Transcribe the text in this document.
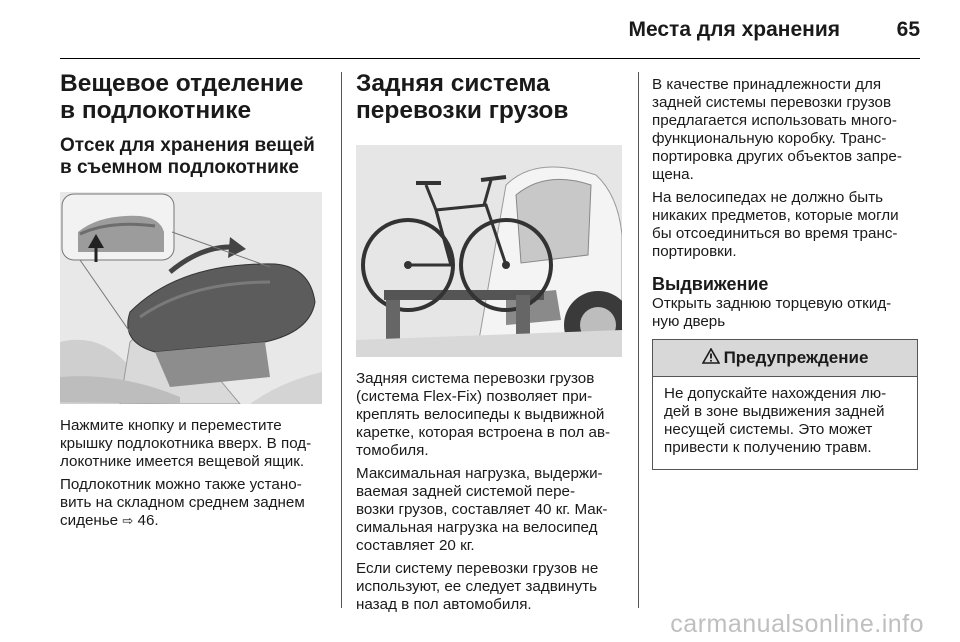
Места для хранения	65
Вещевое отделение
в подлокотнике
Отсек для хранения вещей
в съемном подлокотнике
Нажмите кнопку и переместите
крышку подлокотника вверх. В под-
локотнике имеется вещевой ящик.
Подлокотник можно также устано-
вить на складном среднем заднем
сиденье ⇨ 46.
Задняя система
перевозки грузов
Задняя система перевозки грузов
(система Flex-Fix) позволяет при-
креплять велосипеды к выдвижной
каретке, которая встроена в пол ав-
томобиля.
Максимальная нагрузка, выдержи-
ваемая задней системой пере-
возки грузов, составляет 40 кг. Мак-
симальная нагрузка на велосипед
составляет 20 кг.
Если систему перевозки грузов не
используют, ее следует задвинуть
назад в пол автомобиля.
В качестве принадлежности для
задней системы перевозки грузов
предлагается использовать много-
функциональную коробку. Транс-
портировка других объектов запре-
щена.
На велосипедах не должно быть
никаких предметов, которые могли
бы отсоединиться во время транс-
портировки.
Выдвижение
Открыть заднюю торцевую откид-
ную дверь
Предупреждение
Не допускайте нахождения лю-
дей в зоне выдвижения задней
несущей системы. Это может
привести к получению травм.
carmanualsonline.info
